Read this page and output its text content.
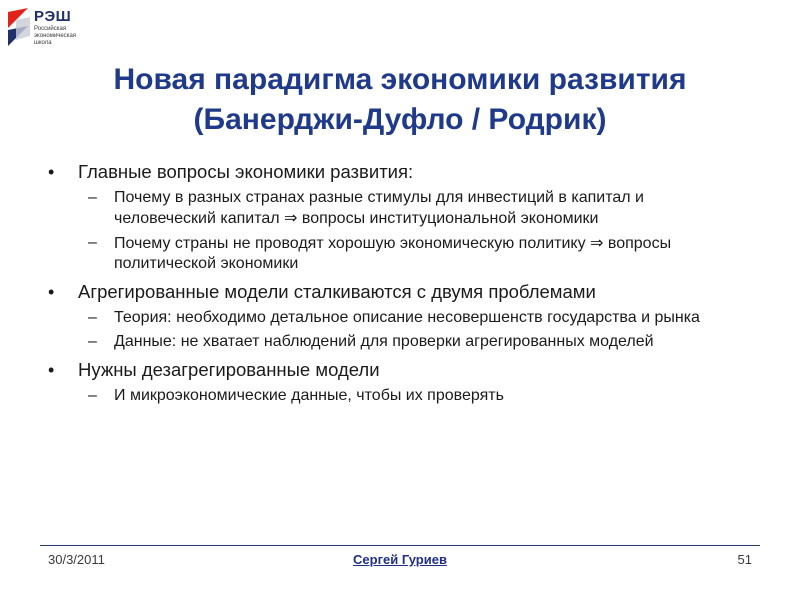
РЭШ
Российская
экономическая
школа
Новая парадигма экономики развития
(Банерджи-Дуфло / Родрик)
• Главные вопросы экономики развития:
– Почему в разных странах разные стимулы для инвестиций в капитал и человеческий капитал ⇒ вопросы институциональной экономики
– Почему страны не проводят хорошую экономическую политику ⇒ вопросы политической экономики
• Агрегированные модели сталкиваются с двумя проблемами
– Теория: необходимо детальное описание несовершенств государства и рынка
– Данные: не хватает наблюдений для проверки агрегированных моделей
• Нужны дезагрегированные модели
– И микроэкономические данные, чтобы их проверять
30/3/2011	Сергей Гуриев	51
